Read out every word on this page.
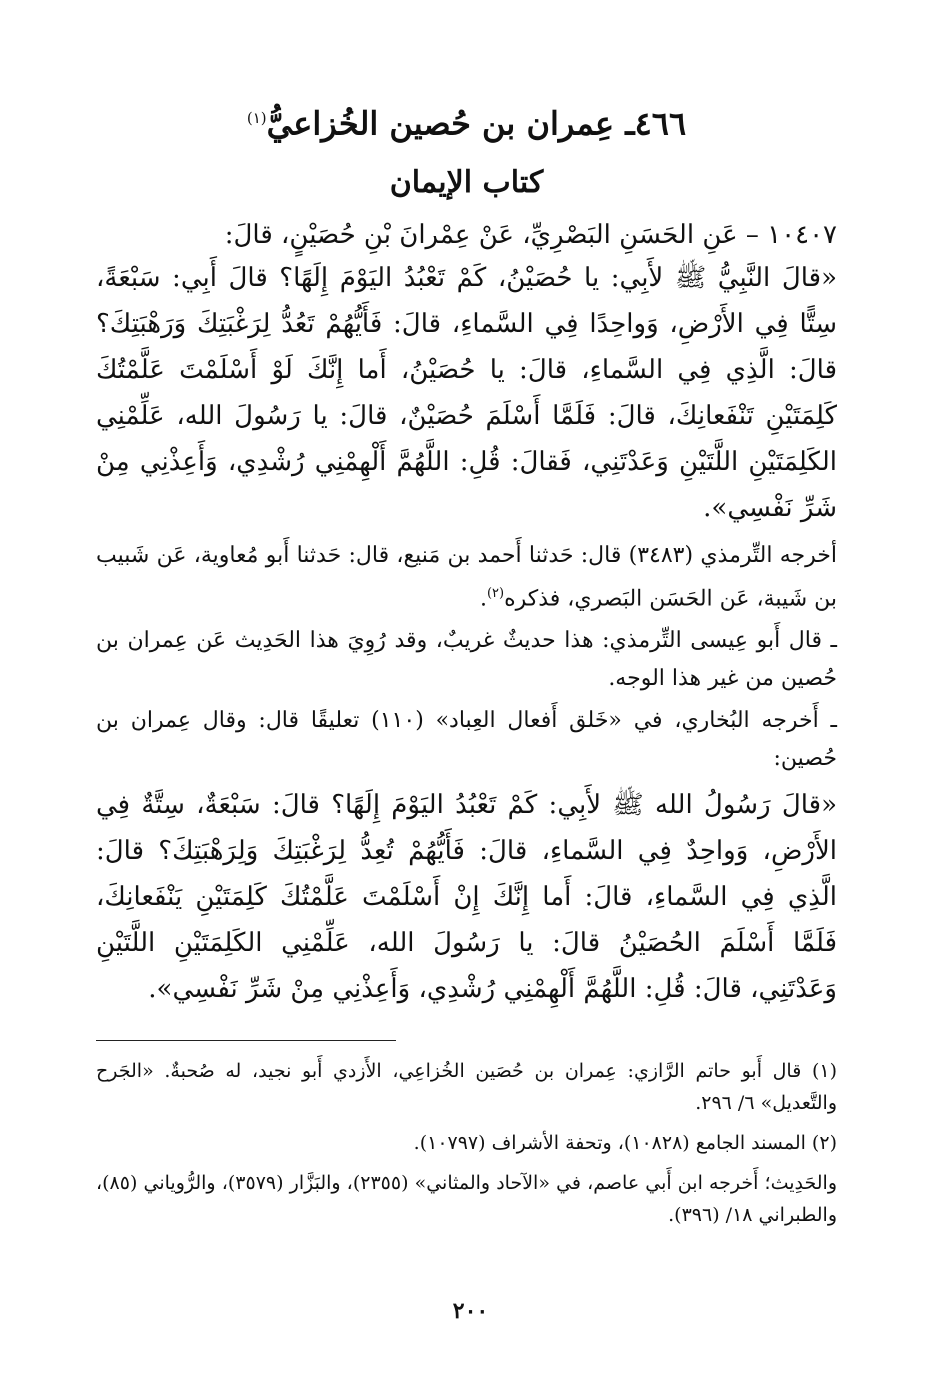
٤٦٦ـ عِمران بن حُصين الخُزاعيُّ$^{(١)}$
كتاب الإيمان

١٠٤٠٧ – عَنِ الحَسَنِ البَصْرِيِّ، عَنْ عِمْرانَ بْنِ حُصَيْنٍ، قالَ:

«قالَ النَّبِيُّ ﷺ لأَبِي: يا حُصَيْنُ، كَمْ تَعْبُدُ اليَوْمَ إِلَهًا؟ قالَ أَبِي: سَبْعَةً، سِتًّا فِي الأَرْضِ، وَواحِدًا فِي السَّماءِ، قالَ: فَأَيُّهُمْ تَعُدُّ لِرَغْبَتِكَ وَرَهْبَتِكَ؟ قالَ: الَّذِي فِي السَّماءِ، قالَ: يا حُصَيْنُ، أَما إِنَّكَ لَوْ أَسْلَمْتَ عَلَّمْتُكَ كَلِمَتَيْنِ تَنْفَعانِكَ، قالَ: فَلَمَّا أَسْلَمَ حُصَيْنٌ، قالَ: يا رَسُولَ الله، عَلِّمْنِي الكَلِمَتَيْنِ اللَّتَيْنِ وَعَدْتَنِي، فَقالَ: قُلِ: اللَّهُمَّ أَلْهِمْنِي رُشْدِي، وَأَعِذْنِي مِنْ شَرِّ نَفْسِي».

أخرجه التِّرمذي (٣٤٨٣) قال: حَدثنا أَحمد بن مَنيع، قال: حَدثنا أَبو مُعاوية، عَن شَبيب بن شَيبة، عَن الحَسَن البَصري، فذكره$^{(٢)}$.

ـ قال أَبو عِيسى التِّرمذي: هذا حديثٌ غريبٌ، وقد رُوِيَ هذا الحَدِيث عَن عِمران بن حُصين من غير هذا الوجه.

ـ أَخرجه البُخاري، في «خَلق أَفعال العِباد» (١١٠) تعليقًا قال: وقال عِمران بن حُصين:

«قالَ رَسُولُ الله ﷺ لأَبِي: كَمْ تَعْبُدُ اليَوْمَ إِلَهًا؟ قالَ: سَبْعَةٌ، سِتَّةٌ فِي الأَرْضِ، وَواحِدٌ فِي السَّماءِ، قالَ: فَأَيُّهُمْ تُعِدُّ لِرَغْبَتِكَ وَلِرَهْبَتِكَ؟ قالَ: الَّذِي فِي السَّماءِ، قالَ: أَما إِنَّكَ إِنْ أَسْلَمْتَ عَلَّمْتُكَ كَلِمَتَيْنِ يَنْفَعانِكَ، فَلَمَّا أَسْلَمَ الحُصَيْنُ قالَ: يا رَسُولَ الله، عَلِّمْنِي الكَلِمَتَيْنِ اللَّتَيْنِ وَعَدْتَنِي، قالَ: قُلِ: اللَّهُمَّ أَلْهِمْنِي رُشْدِي، وَأَعِذْنِي مِنْ شَرِّ نَفْسِي».

(١) قال أَبو حاتم الرَّازي: عِمران بن حُصَين الخُزاعِي، الأَزدي أَبو نجيد، له صُحبةٌ. «الجَرح والتَّعديل» ٦/ ٢٩٦.

(٢) المسند الجامع (١٠٨٢٨)، وتحفة الأشراف (١٠٧٩٧).

والحَدِيث؛ أَخرجه ابن أَبي عاصم، في «الآحاد والمثاني» (٢٣٥٥)، والبَزَّار (٣٥٧٩)، والرُّوياني (٨٥)، والطبراني ١٨/ (٣٩٦).

٢٠٠
